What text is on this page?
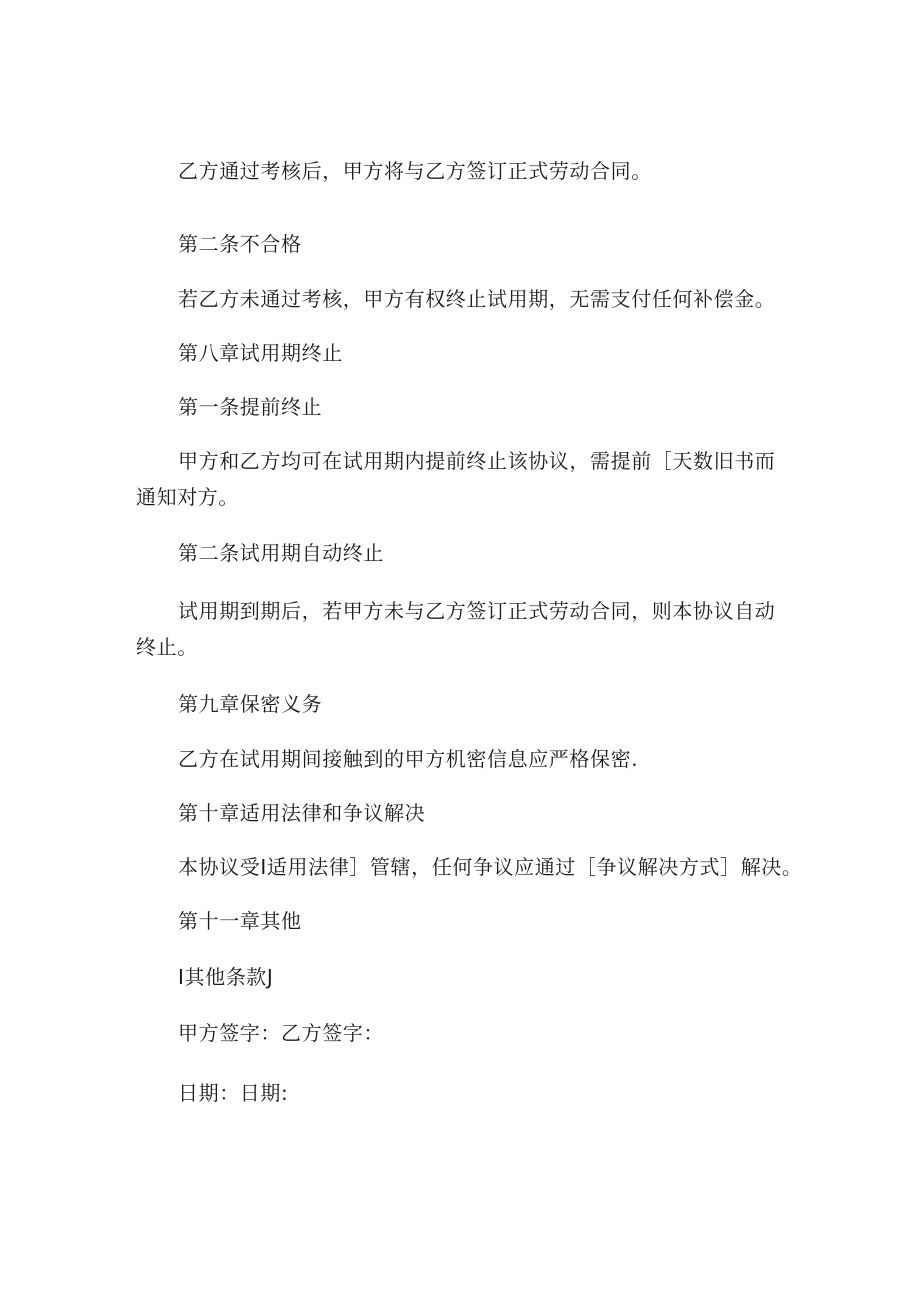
乙方通过考核后，甲方将与乙方签订正式劳动合同。

第二条不合格

若乙方未通过考核，甲方有权终止试用期，无需支付任何补偿金。

第八章试用期终止

第一条提前终止

甲方和乙方均可在试用期内提前终止该协议，需提前［天数旧书而通知对方。

第二条试用期自动终止

试用期到期后，若甲方未与乙方签订正式劳动合同，则本协议自动终止。

第九章保密义务

乙方在试用期间接触到的甲方机密信息应严格保密.

第十章适用法律和争议解决

本协议受I适用法律］管辖，任何争议应通过［争议解决方式］解决。

第十一章其他

I其他条款J

甲方签字：乙方签字：

日期：日期:
